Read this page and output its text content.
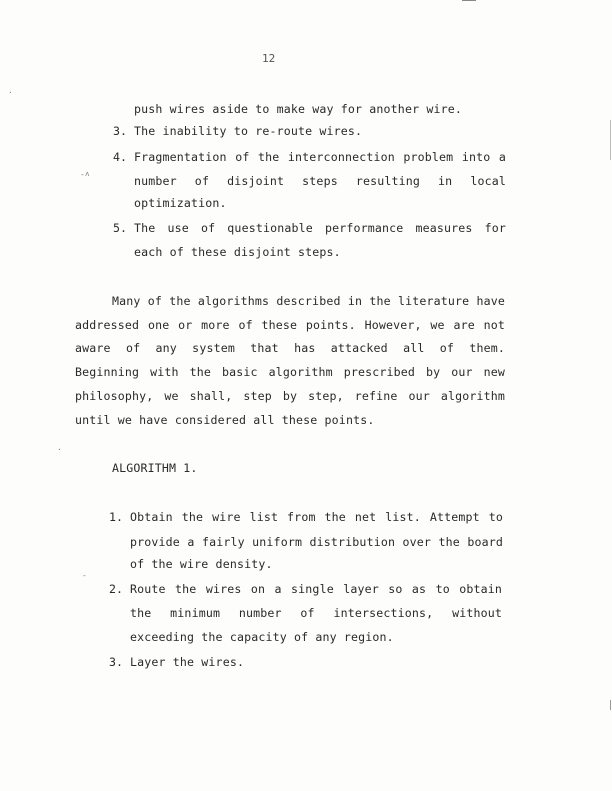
12
push wires aside to make way for another wire.
3. The inability to re-route wires.
4. Fragmentation of the interconnection problem into a
number of disjoint steps resulting in local
optimization.
5. The use of questionable performance measures for
each of these disjoint steps.
Many of the algorithms described in the literature have
addressed one or more of these points. However, we are not
aware of any system that has attacked all of them.
Beginning with the basic algorithm prescribed by our new
philosophy, we shall, step by step, refine our algorithm
until we have considered all these points.
ALGORITHM 1.
1. Obtain the wire list from the net list. Attempt to
provide a fairly uniform distribution over the board
of the wire density.
2. Route the wires on a single layer so as to obtain
the minimum number of intersections, without
exceeding the capacity of any region.
3. Layer the wires.
-˄
·
-
·
